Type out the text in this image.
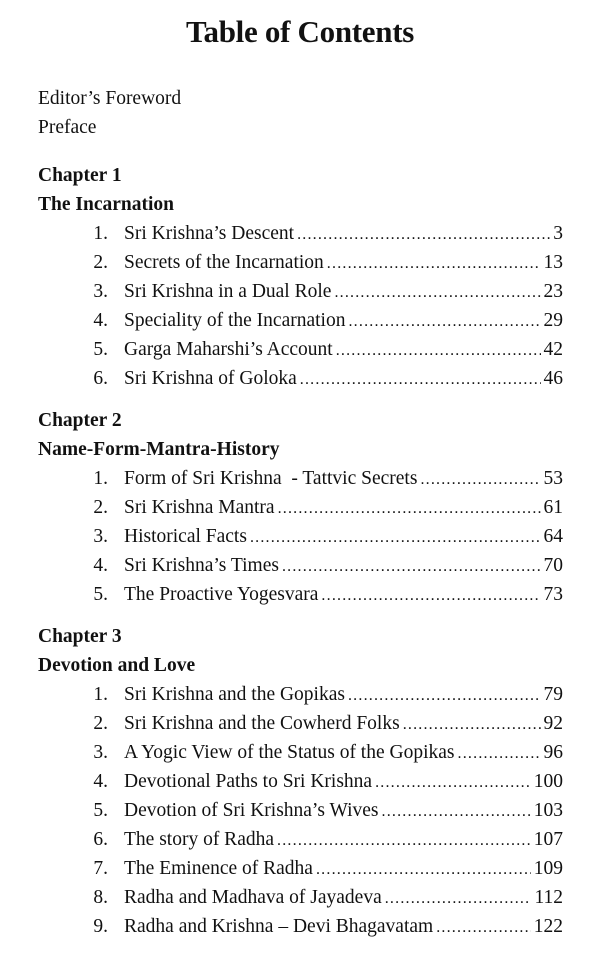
Table of Contents
Editor’s Foreword
Preface
Chapter 1
The Incarnation
1. Sri Krishna’s Descent .....	3
2. Secrets of the Incarnation .....	13
3. Sri Krishna in a Dual Role .....	23
4. Speciality of the Incarnation .....	29
5. Garga Maharshi’s Account .....	42
6. Sri Krishna of Goloka .....	46
Chapter 2
Name-Form-Mantra-History
1. Form of Sri Krishna  - Tattvic Secrets .....	53
2. Sri Krishna Mantra .....	61
3. Historical Facts .....	64
4. Sri Krishna’s Times .....	70
5. The Proactive Yogesvara .....	73
Chapter 3
Devotion and Love
1. Sri Krishna and the Gopikas .....	79
2. Sri Krishna and the Cowherd Folks .....	92
3. A Yogic View of the Status of the Gopikas .....	96
4. Devotional Paths to Sri Krishna .....	100
5. Devotion of Sri Krishna’s Wives .....	103
6. The story of Radha .....	107
7. The Eminence of Radha .....	109
8. Radha and Madhava of Jayadeva .....	112
9. Radha and Krishna – Devi Bhagavatam .....	122
